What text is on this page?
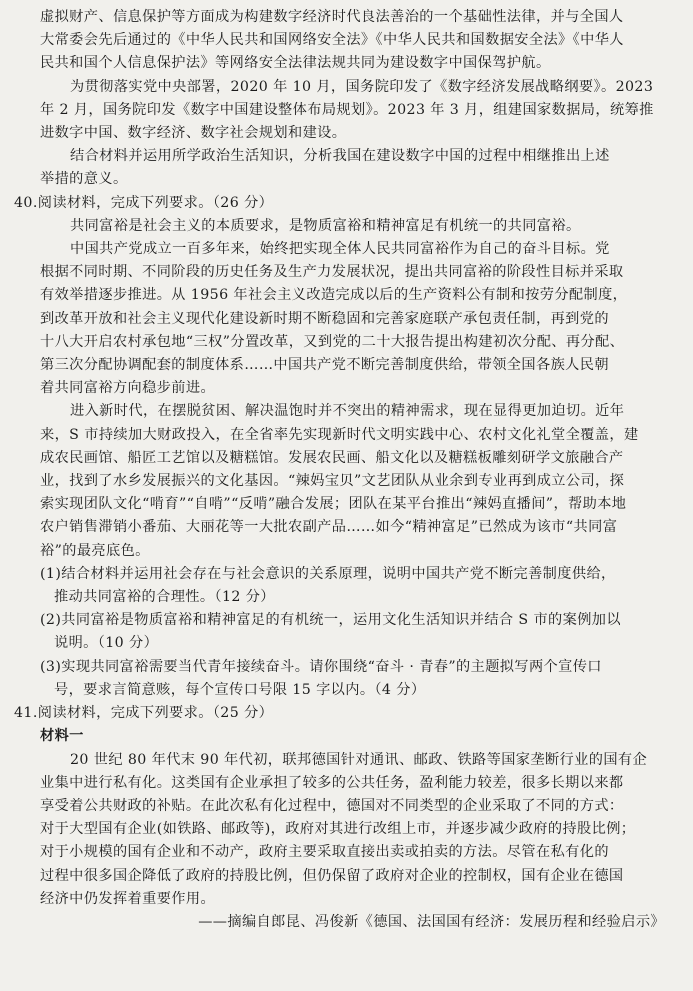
虚拟财产、信息保护等方面成为构建数字经济时代良法善治的一个基础性法律，并与全国人

大常委会先后通过的《中华人民共和国网络安全法》《中华人民共和国数据安全法》《中华人

民共和国个人信息保护法》等网络安全法律法规共同为建设数字中国保驾护航。

为贯彻落实党中央部署，2020 年 10 月，国务院印发了《数字经济发展战略纲要》。2023

年 2 月，国务院印发《数字中国建设整体布局规划》。2023 年 3 月，组建国家数据局，统筹推

进数字中国、数字经济、数字社会规划和建设。

结合材料并运用所学政治生活知识，分析我国在建设数字中国的过程中相继推出上述

举措的意义。

40.阅读材料，完成下列要求。（26 分）

共同富裕是社会主义的本质要求，是物质富裕和精神富足有机统一的共同富裕。

中国共产党成立一百多年来，始终把实现全体人民共同富裕作为自己的奋斗目标。党

根据不同时期、不同阶段的历史任务及生产力发展状况，提出共同富裕的阶段性目标并采取

有效举措逐步推进。从 1956 年社会主义改造完成以后的生产资料公有制和按劳分配制度，

到改革开放和社会主义现代化建设新时期不断稳固和完善家庭联产承包责任制，再到党的

十八大开启农村承包地“三权”分置改革，又到党的二十大报告提出构建初次分配、再分配、

第三次分配协调配套的制度体系……中国共产党不断完善制度供给，带领全国各族人民朝

着共同富裕方向稳步前进。

进入新时代，在摆脱贫困、解决温饱时并不突出的精神需求，现在显得更加迫切。近年

来，S 市持续加大财政投入，在全省率先实现新时代文明实践中心、农村文化礼堂全覆盖，建

成农民画馆、船匠工艺馆以及糖糕馆。发展农民画、船文化以及糖糕板雕刻研学文旅融合产

业，找到了水乡发展振兴的文化基因。“辣妈宝贝”文艺团队从业余到专业再到成立公司，探

索实现团队文化“啃育”“自啃”“反啃”融合发展；团队在某平台推出“辣妈直播间”，帮助本地

农户销售滞销小番茄、大丽花等一大批农副产品……如今“精神富足”已然成为该市“共同富

裕”的最亮底色。

(1)结合材料并运用社会存在与社会意识的关系原理，说明中国共产党不断完善制度供给，

推动共同富裕的合理性。（12 分）

(2)共同富裕是物质富裕和精神富足的有机统一，运用文化生活知识并结合 S 市的案例加以

说明。（10 分）

(3)实现共同富裕需要当代青年接续奋斗。请你围绕“奋斗 · 青春”的主题拟写两个宣传口

号，要求言简意赅，每个宣传口号限 15 字以内。（4 分）

41.阅读材料，完成下列要求。（25 分）

材料一

20 世纪 80 年代末 90 年代初，联邦德国针对通讯、邮政、铁路等国家垄断行业的国有企

业集中进行私有化。这类国有企业承担了较多的公共任务，盈利能力较差，很多长期以来都

享受着公共财政的补贴。在此次私有化过程中，德国对不同类型的企业采取了不同的方式：

对于大型国有企业(如铁路、邮政等)，政府对其进行改组上市，并逐步减少政府的持股比例；

对于小规模的国有企业和不动产，政府主要采取直接出卖或拍卖的方法。尽管在私有化的

过程中很多国企降低了政府的持股比例，但仍保留了政府对企业的控制权，国有企业在德国

经济中仍发挥着重要作用。

——摘编自郎昆、冯俊新《德国、法国国有经济：发展历程和经验启示》
